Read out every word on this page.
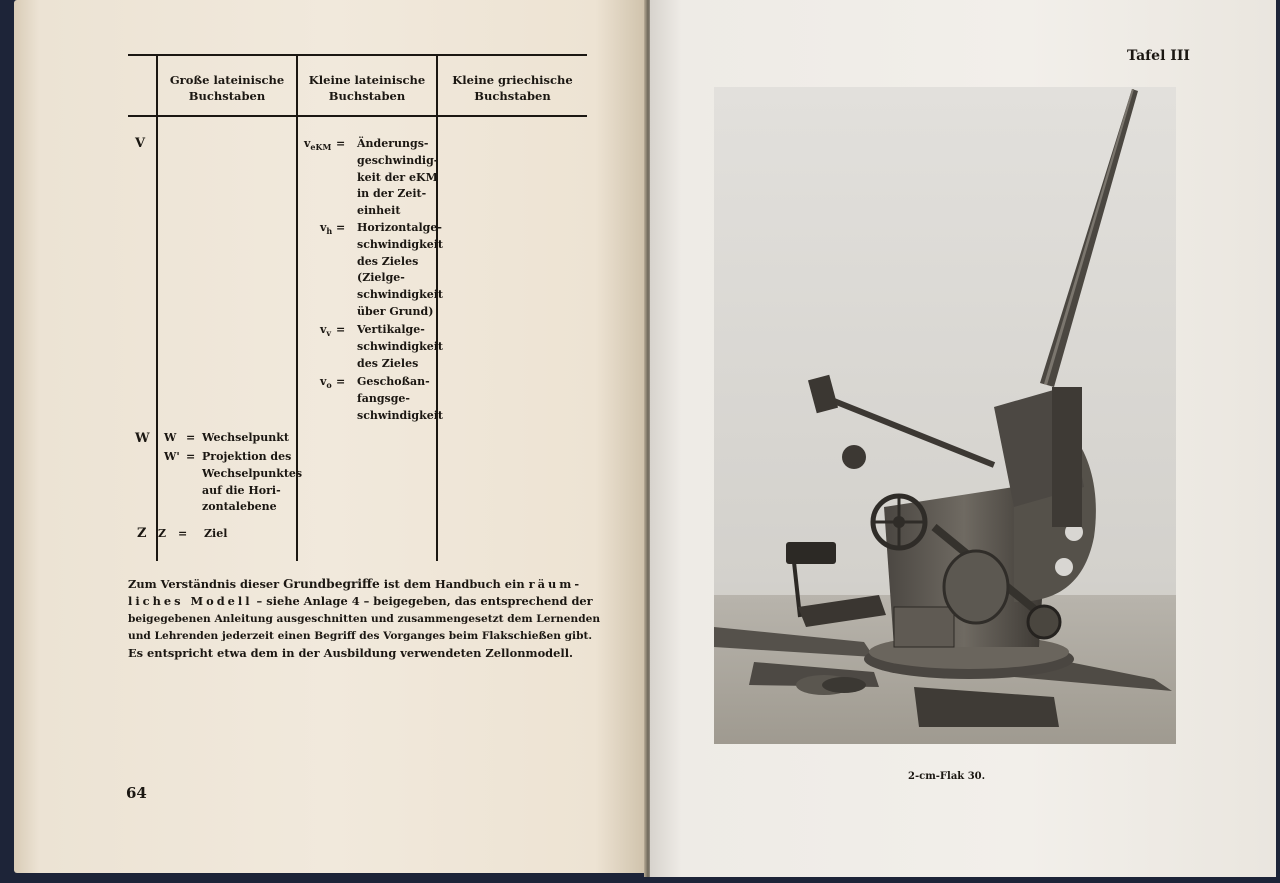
Große lateinische
Buchstaben
Kleine lateinische
Buchstaben
Kleine griechische
Buchstaben
V
W
Z
$v_{eKM}$ = Änderungs-
geschwindig-
keit der eKM
in der Zeit-
einheit
$v_h$ = Horizontalge-
schwindigkeit
des Zieles
(Zielge-
schwindigkeit
über Grund)
$v_v$ = Vertikalge-
schwindigkeit
des Zieles
$v_o$ = Geschoßan-
fangsge-
schwindigkeit
W = Wechselpunkt
W' = Projektion des
Wechselpunktes
auf die Hori-
zontalebene
Z = Ziel
Zum Verständnis dieser Grundbegriffe ist dem Handbuch ein räum-
liches Modell – siehe Anlage 4 – beigegeben, das entsprechend der
beigegebenen Anleitung ausgeschnitten und zusammengesetzt dem Lernenden
und Lehrenden jederzeit einen Begriff des Vorganges beim Flakschießen gibt.
Es entspricht etwa dem in der Ausbildung verwendeten Zellonmodell.
64
Tafel III
2-cm-Flak 30.
